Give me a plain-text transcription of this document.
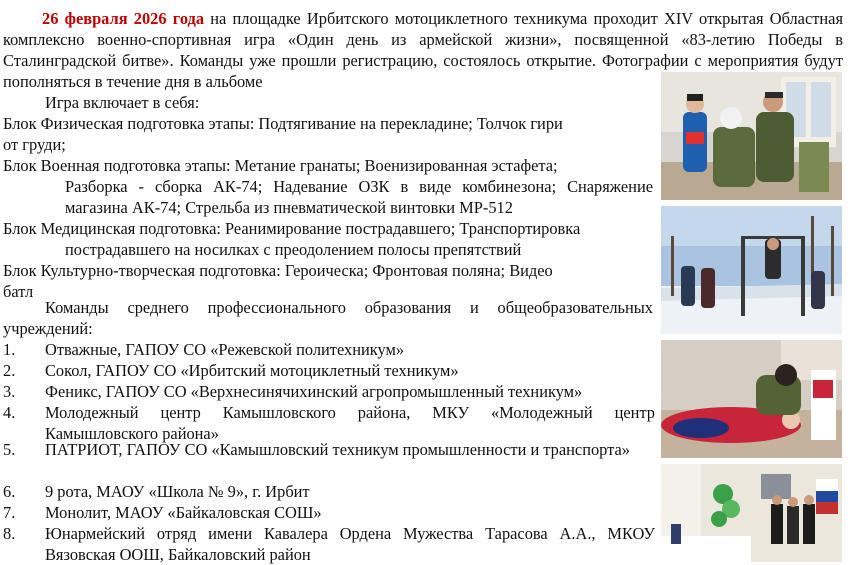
26 февраля 2026 года на площадке Ирбитского мотоциклетного техникума проходит XIV открытая Областная комплексно военно-спортивная игра «Один день из армейской жизни», посвященной «83-летию Победы в Сталинградской битве». Команды уже прошли регистрацию, состоялось открытие. Фотографии с мероприятия будут пополняться в течение дня в альбоме
Игра включает в себя:
Блок Физическая подготовка этапы: Подтягивание на перекладине; Толчок гири
от груди;
Блок Военная подготовка этапы: Метание гранаты; Военизированная эстафета;
Разборка - сборка АК-74; Надевание ОЗК в виде комбинезона; Снаряжение магазина АК-74; Стрельба из пневматической винтовки МР-512
Блок Медицинская подготовка: Реанимирование пострадавшего; Транспортировка
пострадавшего на носилках с преодолением полосы препятствий
Блок Культурно-творческая подготовка: Героическа; Фронтовая поляна; Видео
батл
Команды среднего профессионального образования и общеобразовательных учреждений:
1. Отважные, ГАПОУ СО «Режевской политехникум»
2. Сокол, ГАПОУ СО «Ирбитский мотоциклетный техникум»
3. Феникс, ГАПОУ СО «Верхнесинячихинский агропромышленный техникум»
4. Молодежный центр Камышловского района, МКУ «Молодежный центр Камышловского района»
5. ПАТРИОТ, ГАПОУ СО «Камышловский техникум промышленности и транспорта»
6. 9 рота, МАОУ «Школа № 9», г. Ирбит
7. Монолит, МАОУ «Байкаловская СОШ»
8. Юнармейский отряд имени Кавалера Ордена Мужества Тарасова А.А., МКОУ Вязовская ООШ, Байкаловский район
